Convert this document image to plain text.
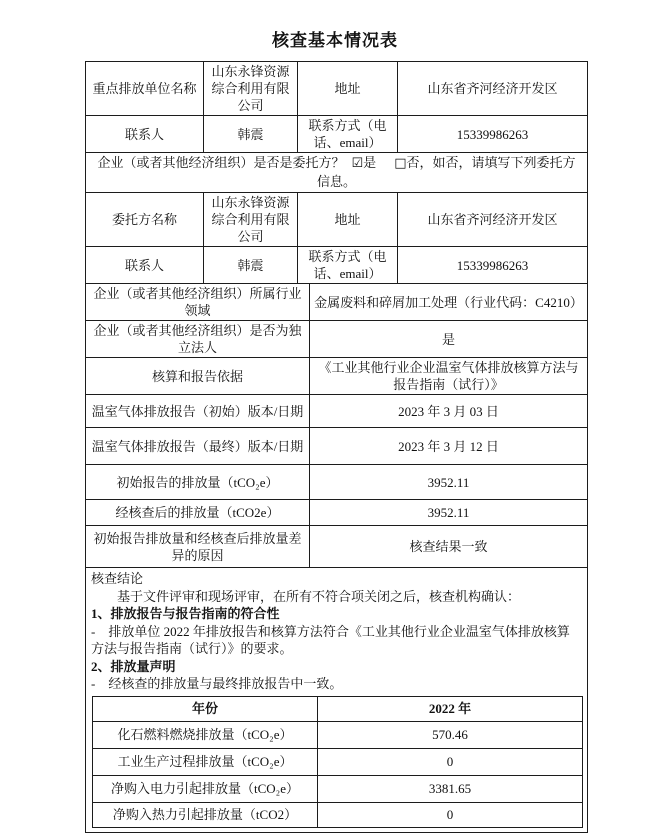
核查基本情况表
重点排放单位名称	山东永锋资源综合利用有限公司	地址	山东省齐河经济开发区
联系人	韩震	联系方式（电话、email）	15339986263

企业（或者其他经济组织）是否是委托方？ ☑是 □否，如否，请填写下列委托方
信息。

委托方名称	山东永锋资源综合利用有限公司	地址	山东省齐河经济开发区
联系人	韩震	联系方式（电话、email）	15339986263
企业（或者其他经济组织）所属行业领域	金属废料和碎屑加工处理（行业代码：C4210）
企业（或者其他经济组织）是否为独立法人	是
核算和报告依据	《工业其他行业企业温室气体排放核算方法与报告指南（试行）》
温室气体排放报告（初始）版本/日期	2023 年 3 月 03 日
温室气体排放报告（最终）版本/日期	2023 年 3 月 12 日
初始报告的排放量（tCO₂e）	3952.11
经核查后的排放量（tCO2e）	3952.11
初始报告排放量和经核查后排放量差异的原因	核查结果一致

核查结论

　　基于文件评审和现场评审，在所有不符合项关闭之后，核查机构确认：

1、排放报告与报告指南的符合性

-    排放单位 2022 年排放报告和核算方法符合《工业其他行业企业温室气体排放核算方法与报告指南（试行）》的要求。

2、排放量声明

-    经核查的排放量与最终排放报告中一致。

年份	2022 年
化石燃料燃烧排放量（tCO₂e）	570.46
工业生产过程排放量（tCO₂e）	0
净购入电力引起排放量（tCO₂e）	3381.65
净购入热力引起排放量（tCO2）	0
